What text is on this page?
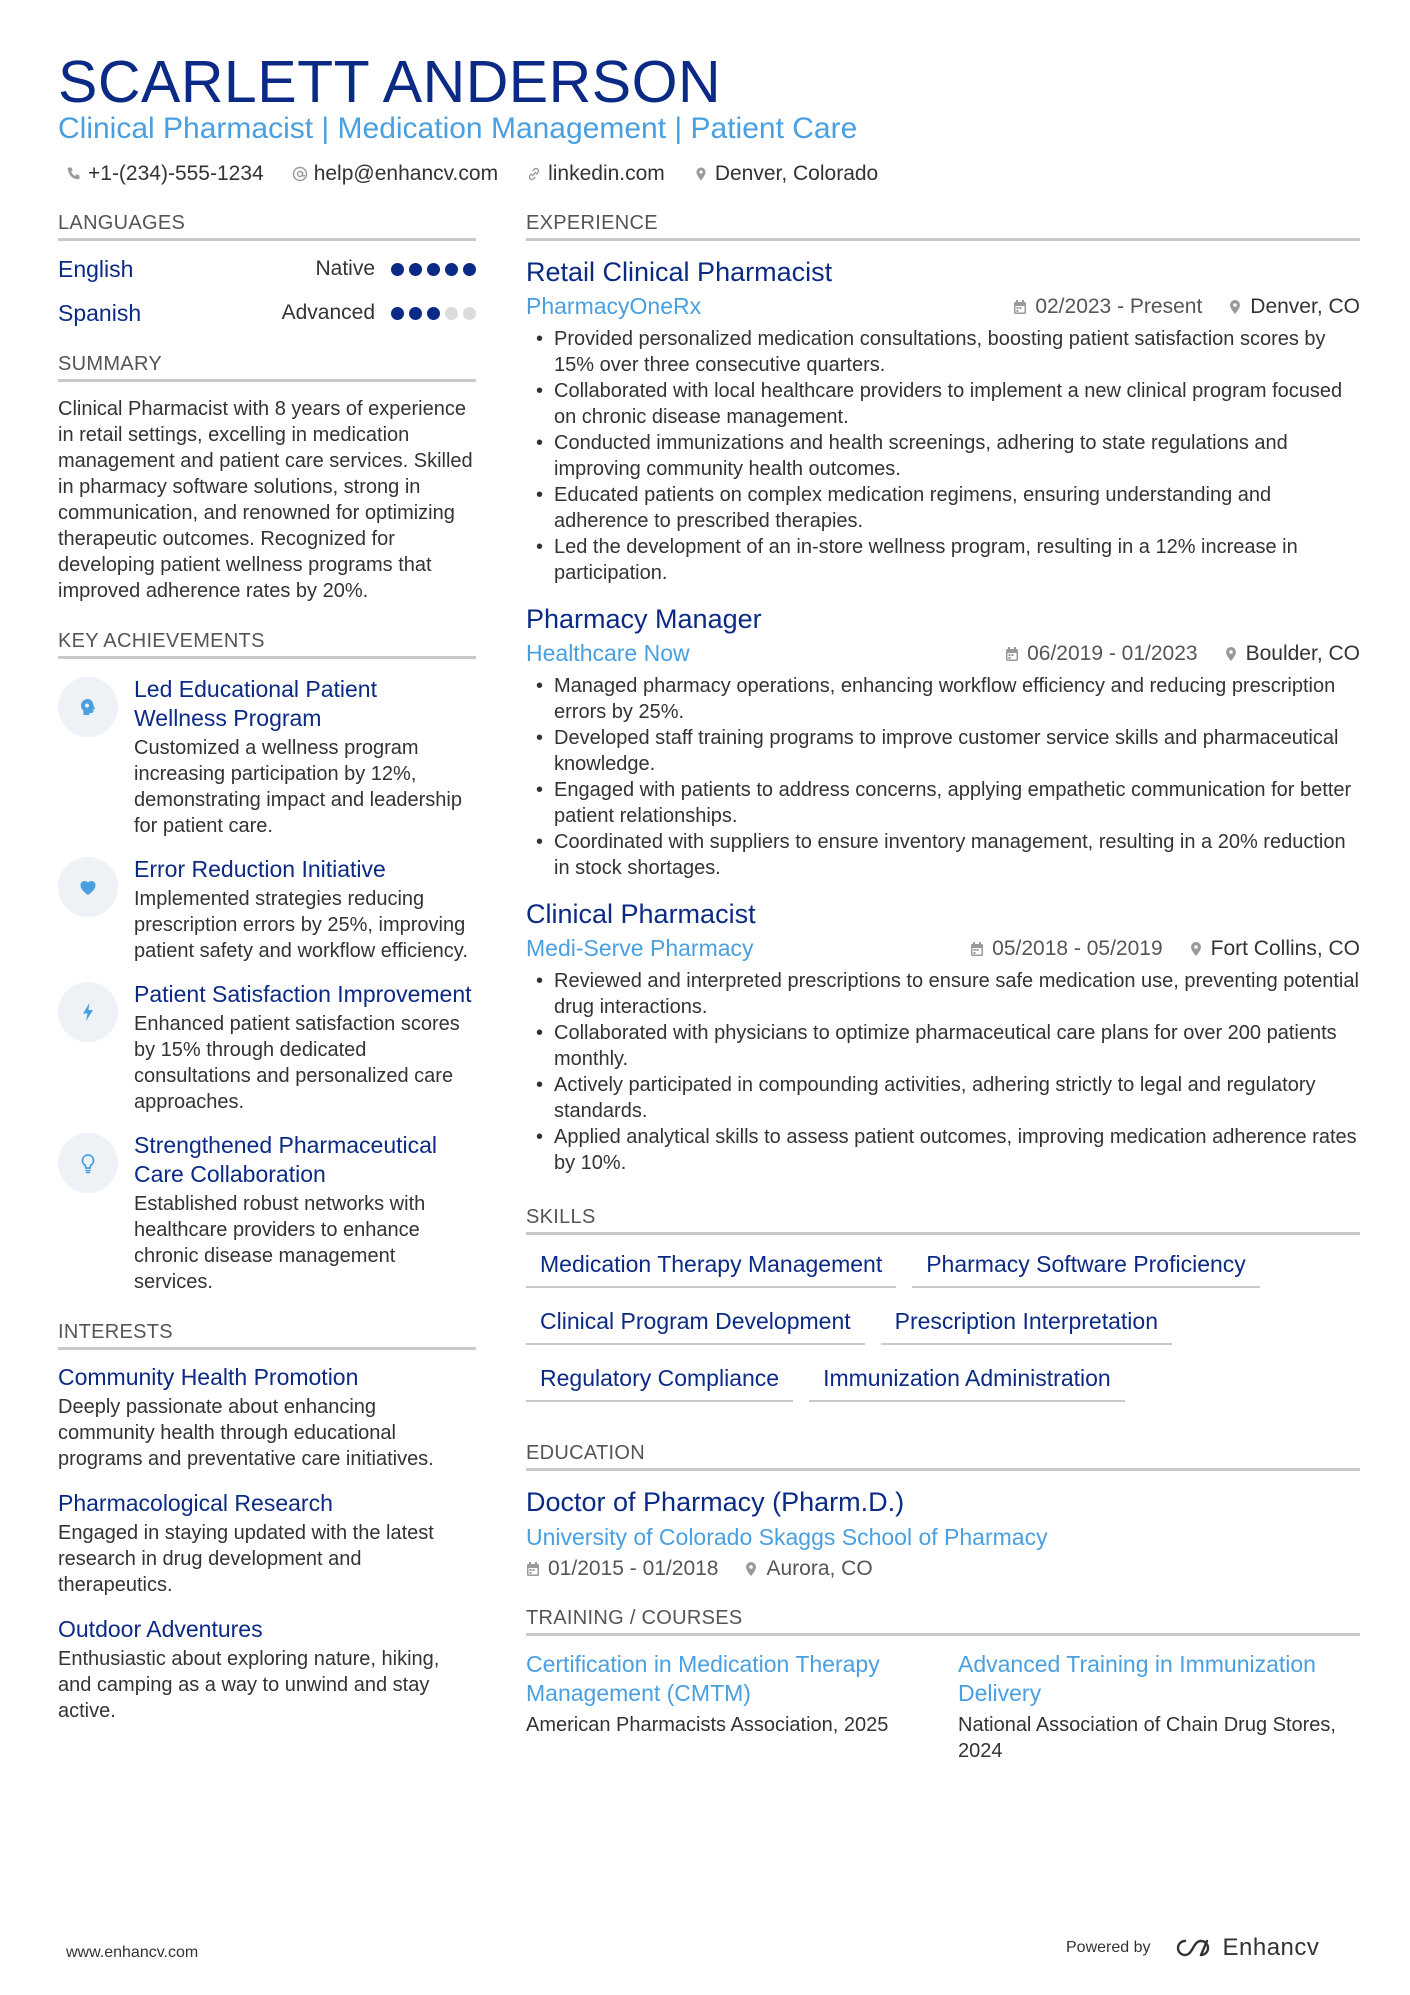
SCARLETT ANDERSON
Clinical Pharmacist | Medication Management | Patient Care
+1-(234)-555-1234 help@enhancv.com linkedin.com Denver, Colorado
LANGUAGES
English	Native
Spanish	Advanced
SUMMARY
Clinical Pharmacist with 8 years of experience in retail settings, excelling in medication management and patient care services. Skilled in pharmacy software solutions, strong in communication, and renowned for optimizing therapeutic outcomes. Recognized for developing patient wellness programs that improved adherence rates by 20%.
KEY ACHIEVEMENTS
Led Educational Patient Wellness Program
Customized a wellness program increasing participation by 12%, demonstrating impact and leadership for patient care.
Error Reduction Initiative
Implemented strategies reducing prescription errors by 25%, improving patient safety and workflow efficiency.
Patient Satisfaction Improvement
Enhanced patient satisfaction scores by 15% through dedicated consultations and personalized care approaches.
Strengthened Pharmaceutical Care Collaboration
Established robust networks with healthcare providers to enhance chronic disease management services.
INTERESTS
Community Health Promotion
Deeply passionate about enhancing community health through educational programs and preventative care initiatives.
Pharmacological Research
Engaged in staying updated with the latest research in drug development and therapeutics.
Outdoor Adventures
Enthusiastic about exploring nature, hiking, and camping as a way to unwind and stay active.
EXPERIENCE
Retail Clinical Pharmacist
PharmacyOneRx	02/2023 - Present Denver, CO
• Provided personalized medication consultations, boosting patient satisfaction scores by 15% over three consecutive quarters.
• Collaborated with local healthcare providers to implement a new clinical program focused on chronic disease management.
• Conducted immunizations and health screenings, adhering to state regulations and improving community health outcomes.
• Educated patients on complex medication regimens, ensuring understanding and adherence to prescribed therapies.
• Led the development of an in-store wellness program, resulting in a 12% increase in participation.
Pharmacy Manager
Healthcare Now	06/2019 - 01/2023 Boulder, CO
• Managed pharmacy operations, enhancing workflow efficiency and reducing prescription errors by 25%.
• Developed staff training programs to improve customer service skills and pharmaceutical knowledge.
• Engaged with patients to address concerns, applying empathetic communication for better patient relationships.
• Coordinated with suppliers to ensure inventory management, resulting in a 20% reduction in stock shortages.
Clinical Pharmacist
Medi-Serve Pharmacy	05/2018 - 05/2019 Fort Collins, CO
• Reviewed and interpreted prescriptions to ensure safe medication use, preventing potential drug interactions.
• Collaborated with physicians to optimize pharmaceutical care plans for over 200 patients monthly.
• Actively participated in compounding activities, adhering strictly to legal and regulatory standards.
• Applied analytical skills to assess patient outcomes, improving medication adherence rates by 10%.
SKILLS
Medication Therapy Management	Pharmacy Software Proficiency
Clinical Program Development	Prescription Interpretation
Regulatory Compliance	Immunization Administration
EDUCATION
Doctor of Pharmacy (Pharm.D.)
University of Colorado Skaggs School of Pharmacy
01/2015 - 01/2018 Aurora, CO
TRAINING / COURSES
Certification in Medication Therapy Management (CMTM)
American Pharmacists Association, 2025
Advanced Training in Immunization Delivery
National Association of Chain Drug Stores, 2024
www.enhancv.com	Powered by	Enhancv
